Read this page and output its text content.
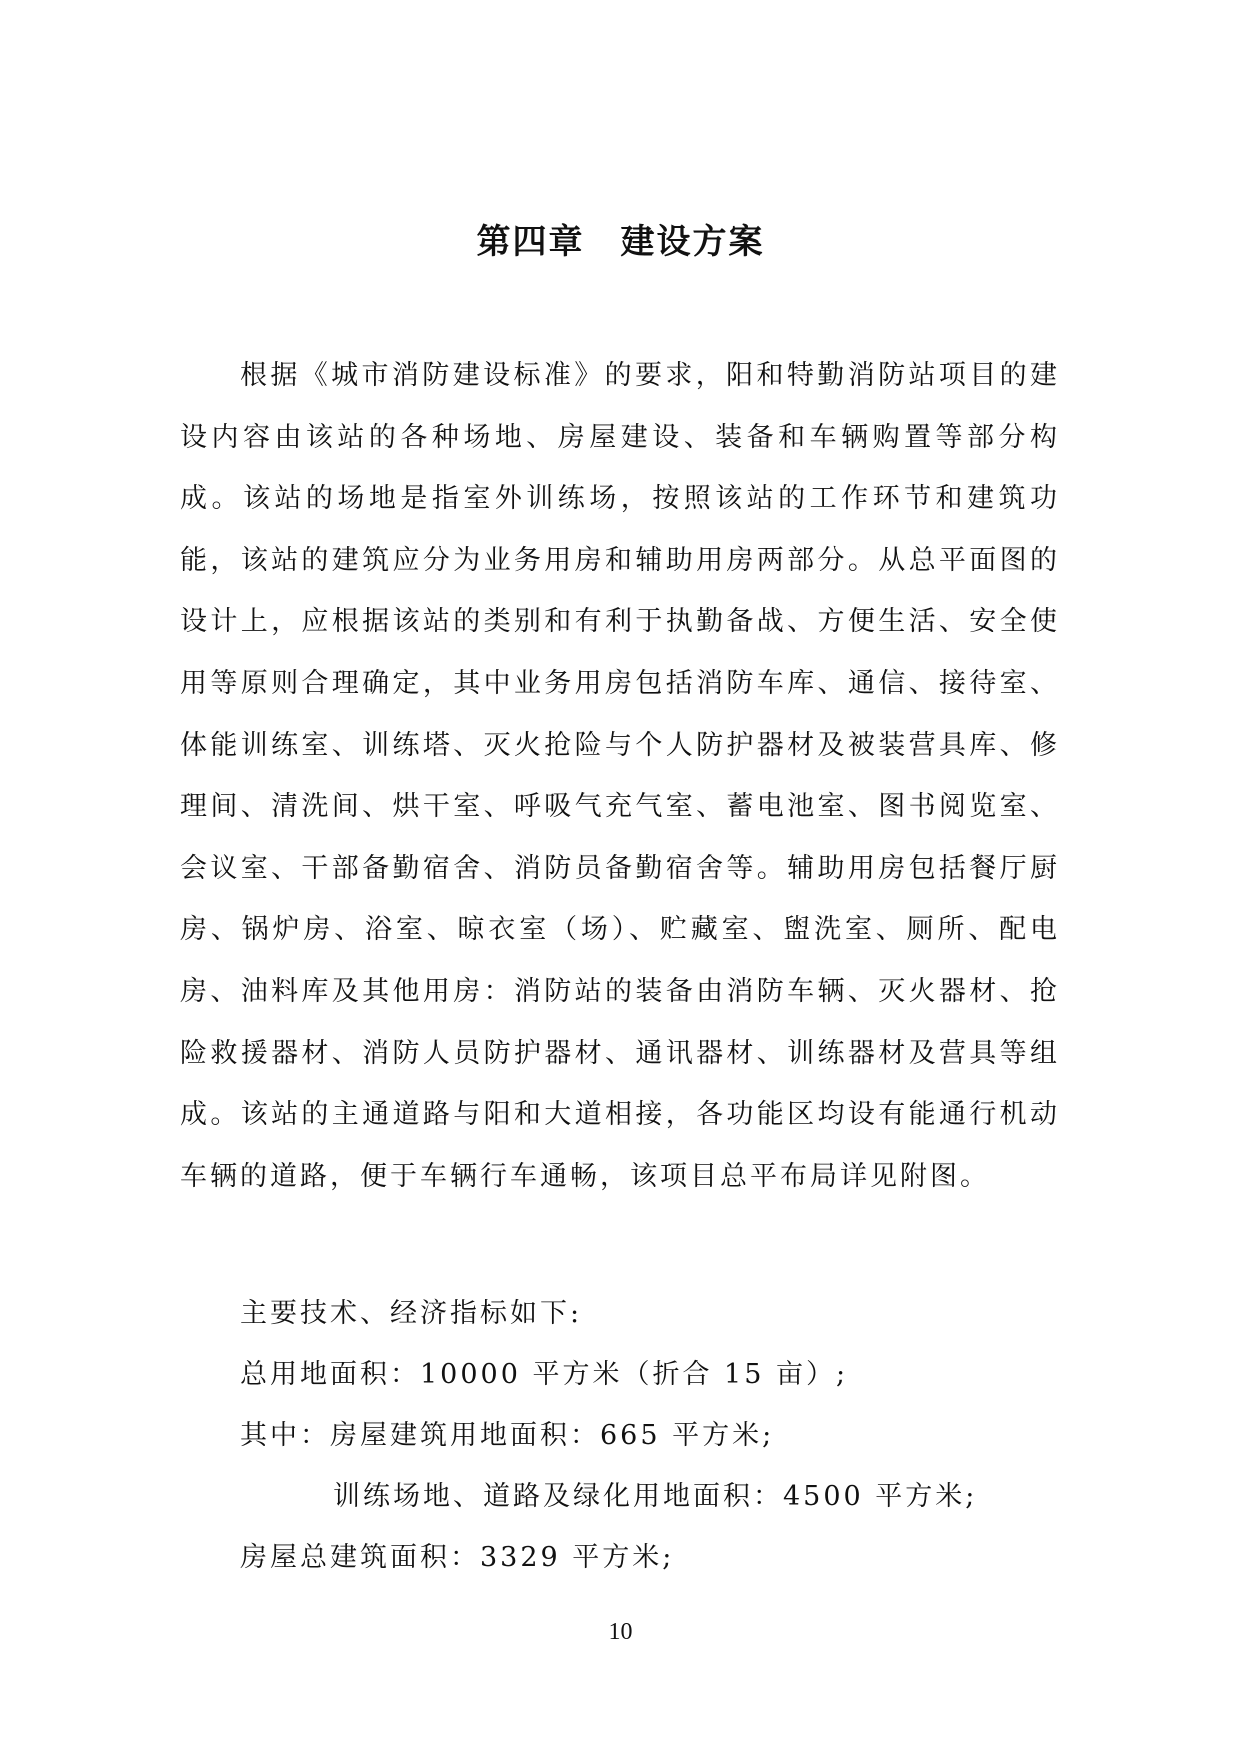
第四章 建设方案

根据《城市消防建设标准》的要求，阳和特勤消防站项目的建设内容由该站的各种场地、房屋建设、装备和车辆购置等部分构成。该站的场地是指室外训练场，按照该站的工作环节和建筑功能，该站的建筑应分为业务用房和辅助用房两部分。从总平面图的设计上，应根据该站的类别和有利于执勤备战、方便生活、安全使用等原则合理确定，其中业务用房包括消防车库、通信、接待室、体能训练室、训练塔、灭火抢险与个人防护器材及被装营具库、修理间、清洗间、烘干室、呼吸气充气室、蓄电池室、图书阅览室、会议室、干部备勤宿舍、消防员备勤宿舍等。辅助用房包括餐厅厨房、锅炉房、浴室、晾衣室（场）、贮藏室、盥洗室、厕所、配电房、油料库及其他用房：消防站的装备由消防车辆、灭火器材、抢险救援器材、消防人员防护器材、通讯器材、训练器材及营具等组成。该站的主通道路与阳和大道相接，各功能区均设有能通行机动车辆的道路，便于车辆行车通畅，该项目总平布局详见附图。

主要技术、经济指标如下:
总用地面积：10000 平方米（折合 15 亩）;
其中：房屋建筑用地面积：665 平方米;
训练场地、道路及绿化用地面积：4500 平方米;
房屋总建筑面积：3329 平方米;
10
